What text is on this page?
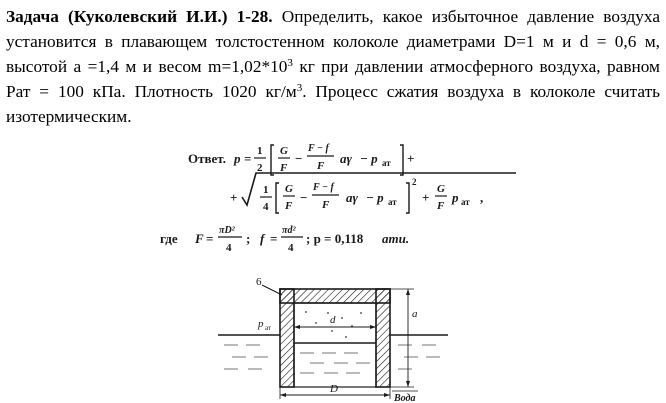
Задача (Куколевский И.И.) 1-28. Определить, какое избыточное давление воздуха установится в плавающем толстостенном колоколе диаметрами D=1 м и d = 0,6 м, высотой а =1,4 м и весом $m=1,02*10^3$ кг при давлении атмосферного воздуха, равном Рат = 100 кПа. Плотность 1020 $кг/м^3$. Процесс сжатия воздуха в колоколе считать изотермическим.

Ответ. p = 1
2
G
F
−
F − f
F aγ − p ат +
+ 1
4
G
F
−
F − f
F aγ − p ат
2
+
G
F
p ат ,
где F =
πD²
4
; f =
πd²
4
; p = 0,118 ати.
6
р ат
d	a
D
Вода
